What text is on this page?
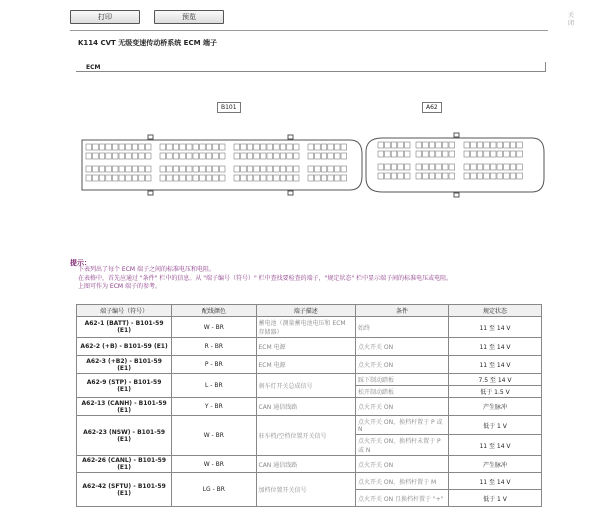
打印	预览	关闭
K114 CVT 无级变速传动桥系统 ECM 端子
ECM
B101	A62
提示：
下表列出了每个 ECM 端子之间的标准电压和电阻。
在表格中，首先应通过 "条件" 栏中的信息。从 "端子编号（符号）" 栏中查找要检查的端子，"规定状态" 栏中显示端子间的标准电压或电阻。
上图可作为 ECM 端子的参考。
端子编号（符号）	配线颜色	端子描述	条件	规定状态
A62-1 (BATT) - B101-59 (E1)	W - BR	蓄电池（测量蓄电池电压和 ECM 存储器）	始终	11 至 14 V
A62-2 (+B) - B101-59 (E1)	R - BR	ECM 电源	点火开关 ON	11 至 14 V
A62-3 (+B2) - B101-59 (E1)	P - BR	ECM 电源	点火开关 ON	11 至 14 V
A62-9 (STP) - B101-59 (E1)	L - BR	刹车灯开关总成信号	踩下制动踏板	7.5 至 14 V
			松开制动踏板	低于 1.5 V
A62-13 (CANH) - B101-59 (E1)	Y - BR	CAN 通信线路	点火开关 ON	产生脉冲
A62-23 (NSW) - B101-59 (E1)	W - BR	驻车档/空档位置开关信号	点火开关 ON，换档杆置于 P 或 N	低于 1 V
			点火开关 ON，换档杆未置于 P 或 N	11 至 14 V
A62-26 (CANL) - B101-59 (E1)	W - BR	CAN 通信线路	点火开关 ON	产生脉冲
A62-42 (SFTU) - B101-59 (E1)	LG - BR	加档位置开关信号	点火开关 ON，换档杆置于 M	11 至 14 V
			点火开关 ON 且换档杆置于 "+"	低于 1 V
